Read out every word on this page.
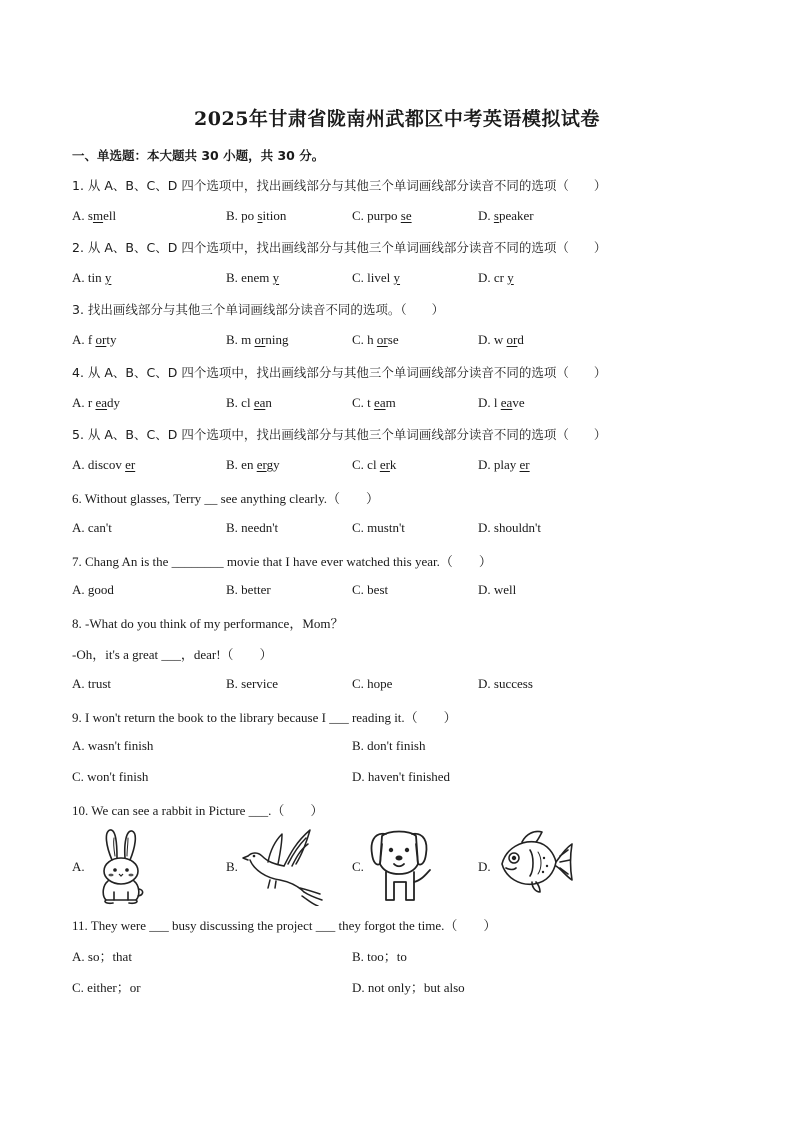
2025年甘肃省陇南州武都区中考英语模拟试卷
一、单选题：本大题共 30 小题，共 30 分。
1. 从 A、B、C、D 四个选项中，找出画线部分与其他三个单词画线部分读音不同的选项（　　）
A. smell	B. po sition	C. purpo se	D. speaker
2. 从 A、B、C、D 四个选项中，找出画线部分与其他三个单词画线部分读音不同的选项（　　）
A. tin y	B. enem y	C. livel y	D. cr y
3. 找出画线部分与其他三个单词画线部分读音不同的选项。（　　）
A. f orty	B. m orning	C. h orse	D. w ord
4. 从 A、B、C、D 四个选项中，找出画线部分与其他三个单词画线部分读音不同的选项（　　）
A. r eady	B. cl ean	C. t eam	D. l eave
5. 从 A、B、C、D 四个选项中，找出画线部分与其他三个单词画线部分读音不同的选项（　　）
A. discov er	B. en ergy	C. cl erk	D. play er
6. Without glasses, Terry __ see anything clearly.（　　）
A. can't	B. needn't	C. mustn't	D. shouldn't
7. Chang An is the ________ movie that I have ever watched this year.（　　）
A. good	B. better	C. best	D. well
8. -What do you think of my performance，Mom？
-Oh，it's a great ___，dear!（　　）
A. trust	B. service	C. hope	D. success
9. I won't return the book to the library because I ___ reading it.（　　）
A. wasn't finish	B. don't finish
C. won't finish	D. haven't finished
10. We can see a rabbit in Picture ___.（　　）
A.	B.	C.	D.
11. They were ___ busy discussing the project ___ they forgot the time.（　　）
A. so；that	B. too；to
C. either；or	D. not only；but also
